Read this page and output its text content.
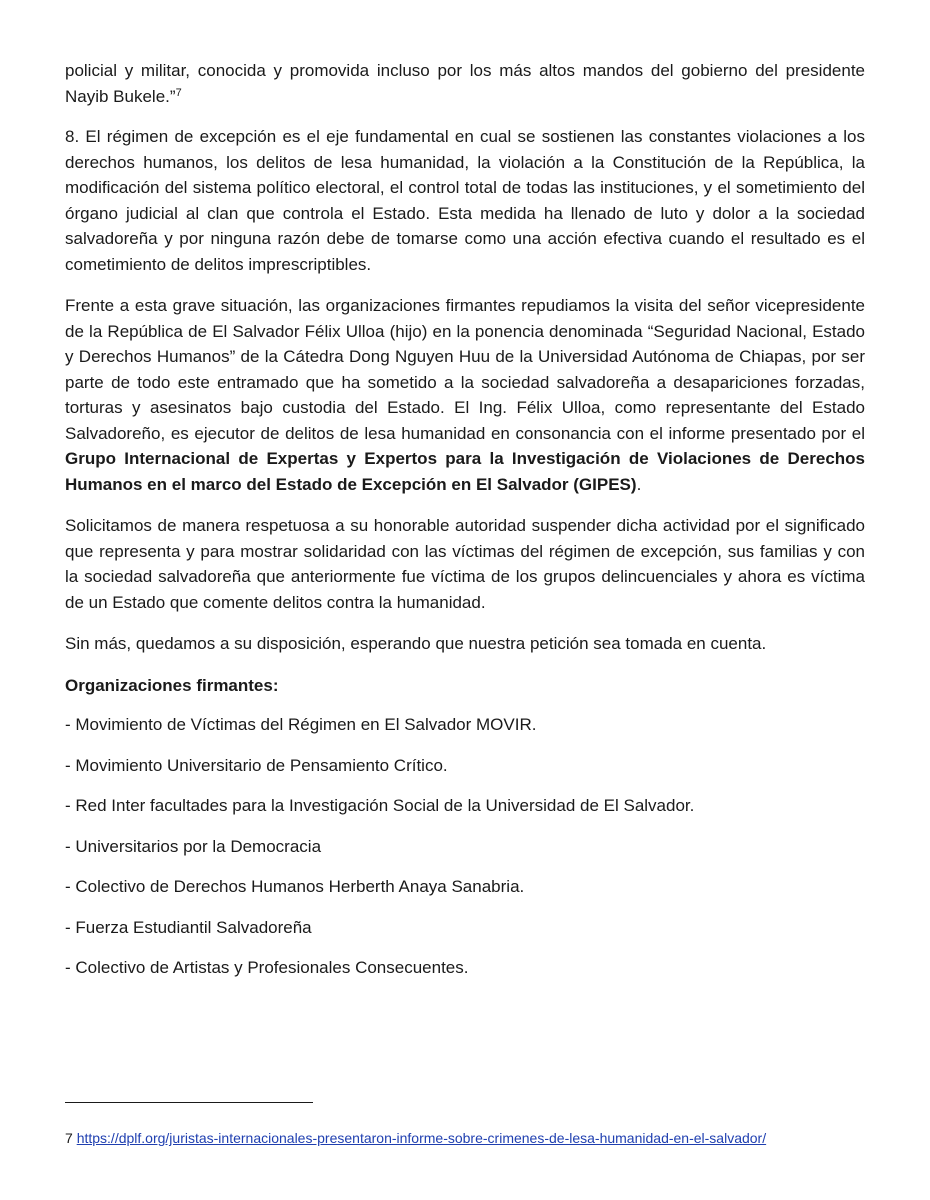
policial y militar, conocida y promovida incluso por los más altos mandos del gobierno del presidente Nayib Bukele.”$^7$

8. El régimen de excepción es el eje fundamental en cual se sostienen las constantes violaciones a los derechos humanos, los delitos de lesa humanidad, la violación a la Constitución de la República, la modificación del sistema político electoral, el control total de todas las instituciones, y el sometimiento del órgano judicial al clan que controla el Estado. Esta medida ha llenado de luto y dolor a la sociedad salvadoreña y por ninguna razón debe de tomarse como una acción efectiva cuando el resultado es el cometimiento de delitos imprescriptibles.

Frente a esta grave situación, las organizaciones firmantes repudiamos la visita del señor vicepresidente de la República de El Salvador Félix Ulloa (hijo) en la ponencia denominada “Seguridad Nacional, Estado y Derechos Humanos” de la Cátedra Dong Nguyen Huu de la Universidad Autónoma de Chiapas, por ser parte de todo este entramado que ha sometido a la sociedad salvadoreña a desapariciones forzadas, torturas y asesinatos bajo custodia del Estado. El Ing. Félix Ulloa, como representante del Estado Salvadoreño, es ejecutor de delitos de lesa humanidad en consonancia con el informe presentado por el Grupo Internacional de Expertas y Expertos para la Investigación de Violaciones de Derechos Humanos en el marco del Estado de Excepción en El Salvador (GIPES).

Solicitamos de manera respetuosa a su honorable autoridad suspender dicha actividad por el significado que representa y para mostrar solidaridad con las víctimas del régimen de excepción, sus familias y con la sociedad salvadoreña que anteriormente fue víctima de los grupos delincuenciales y ahora es víctima de un Estado que comente delitos contra la humanidad.

Sin más, quedamos a su disposición, esperando que nuestra petición sea tomada en cuenta.

Organizaciones firmantes:

- Movimiento de Víctimas del Régimen en El Salvador MOVIR.
- Movimiento Universitario de Pensamiento Crítico.
- Red Inter facultades para la Investigación Social de la Universidad de El Salvador.
- Universitarios por la Democracia
- Colectivo de Derechos Humanos Herberth Anaya Sanabria.
- Fuerza Estudiantil Salvadoreña
- Colectivo de Artistas y Profesionales Consecuentes.
7 https://dplf.org/juristas-internacionales-presentaron-informe-sobre-crimenes-de-lesa-humanidad-en-el-salvador/
